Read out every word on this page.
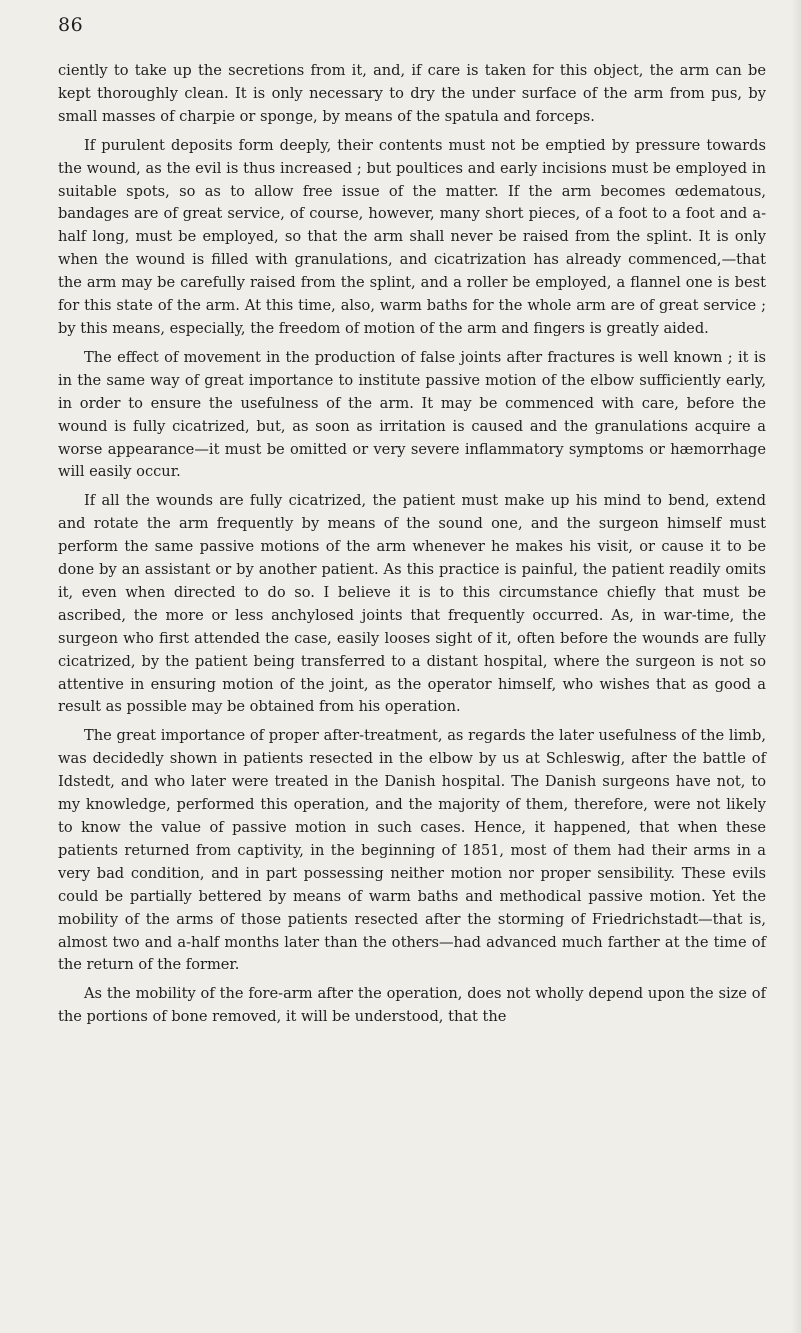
86

ciently to take up the secretions from it, and, if care is taken for this object, the arm can be kept thoroughly clean. It is only necessary to dry the under surface of the arm from pus, by small masses of charpie or sponge, by means of the spatula and forceps.

If purulent deposits form deeply, their contents must not be emptied by pressure towards the wound, as the evil is thus increased ; but poultices and early incisions must be employed in suitable spots, so as to allow free issue of the matter. If the arm becomes œdematous, bandages are of great service, of course, however, many short pieces, of a foot to a foot and a-half long, must be employed, so that the arm shall never be raised from the splint. It is only when the wound is filled with granulations, and cicatrization has already commenced,—that the arm may be carefully raised from the splint, and a roller be employed, a flannel one is best for this state of the arm. At this time, also, warm baths for the whole arm are of great service ; by this means, especially, the freedom of motion of the arm and fingers is greatly aided.

The effect of movement in the production of false joints after fractures is well known ; it is in the same way of great importance to institute passive motion of the elbow sufficiently early, in order to ensure the usefulness of the arm. It may be commenced with care, before the wound is fully cicatrized, but, as soon as irritation is caused and the granulations acquire a worse appearance—it must be omitted or very severe inflammatory symptoms or hæmorrhage will easily occur.

If all the wounds are fully cicatrized, the patient must make up his mind to bend, extend and rotate the arm frequently by means of the sound one, and the surgeon himself must perform the same passive motions of the arm whenever he makes his visit, or cause it to be done by an assistant or by another patient. As this practice is painful, the patient readily omits it, even when directed to do so. I believe it is to this circumstance chiefly that must be ascribed, the more or less anchylosed joints that frequently occurred. As, in war-time, the surgeon who first attended the case, easily looses sight of it, often before the wounds are fully cicatrized, by the patient being transferred to a distant hospital, where the surgeon is not so attentive in ensuring motion of the joint, as the operator himself, who wishes that as good a result as possible may be obtained from his operation.

The great importance of proper after-treatment, as regards the later usefulness of the limb, was decidedly shown in patients resected in the elbow by us at Schleswig, after the battle of Idstedt, and who later were treated in the Danish hospital. The Danish surgeons have not, to my knowledge, performed this operation, and the majority of them, therefore, were not likely to know the value of passive motion in such cases. Hence, it happened, that when these patients returned from captivity, in the beginning of 1851, most of them had their arms in a very bad condition, and in part possessing neither motion nor proper sensibility. These evils could be partially bettered by means of warm baths and methodical passive motion. Yet the mobility of the arms of those patients resected after the storming of Friedrichstadt—that is, almost two and a-half months later than the others—had advanced much farther at the time of the return of the former.

As the mobility of the fore-arm after the operation, does not wholly depend upon the size of the portions of bone removed, it will be understood, that the
